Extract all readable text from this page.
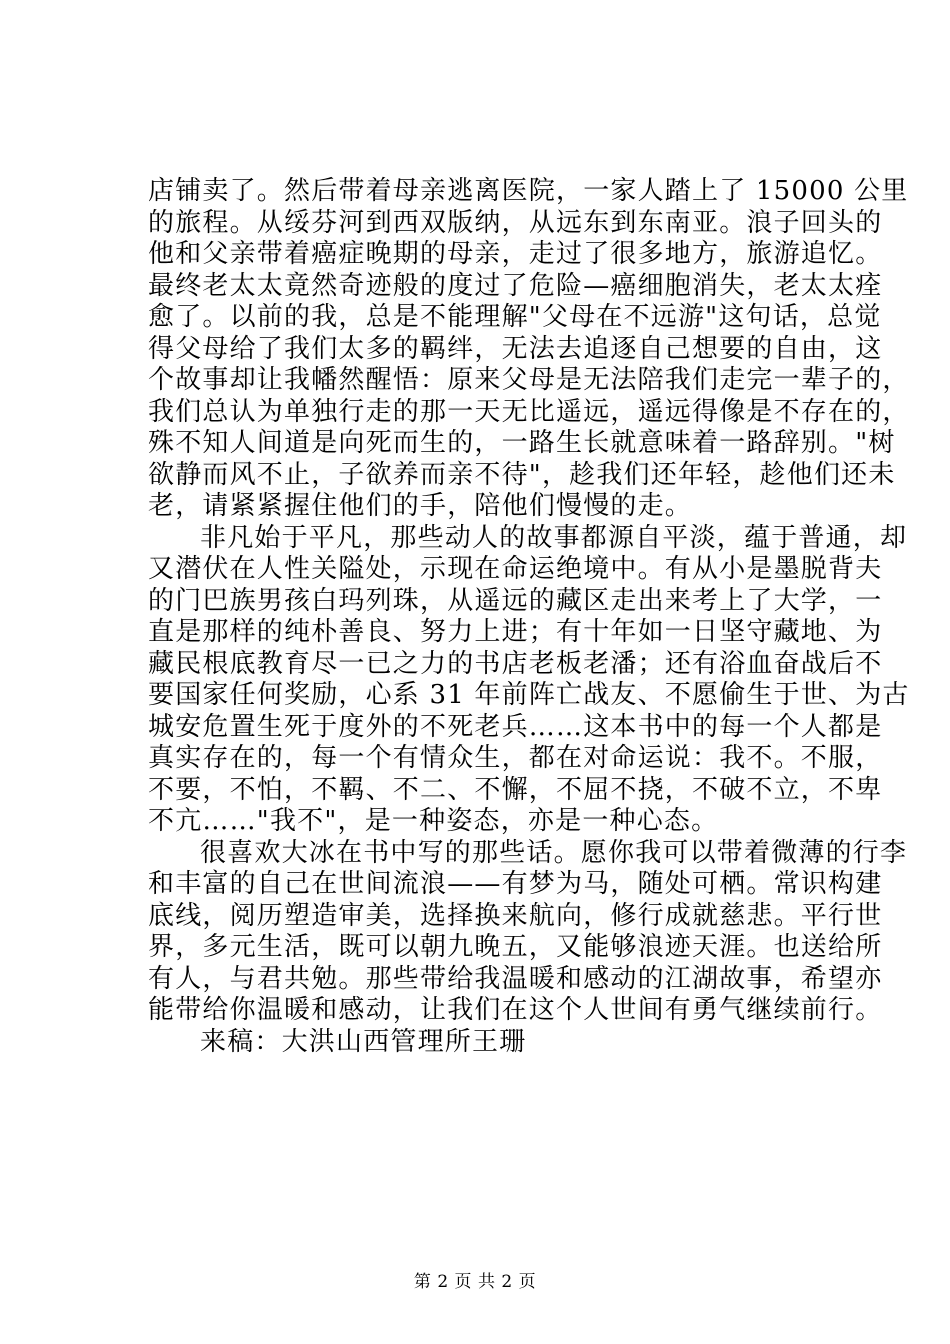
店铺卖了。然后带着母亲逃离医院，一家人踏上了 15000 公里
的旅程。从绥芬河到西双版纳，从远东到东南亚。浪子回头的
他和父亲带着癌症晚期的母亲，走过了很多地方，旅游追忆。
最终老太太竟然奇迹般的度过了危险—癌细胞消失，老太太痊
愈了。以前的我，总是不能理解"父母在不远游"这句话，总觉
得父母给了我们太多的羁绊，无法去追逐自己想要的自由，这
个故事却让我幡然醒悟：原来父母是无法陪我们走完一辈子的，
我们总认为单独行走的那一天无比遥远，遥远得像是不存在的，
殊不知人间道是向死而生的，一路生长就意味着一路辞别。"树
欲静而风不止，子欲养而亲不待"，趁我们还年轻，趁他们还未
老，请紧紧握住他们的手，陪他们慢慢的走。
非凡始于平凡，那些动人的故事都源自平淡，蕴于普通，却
又潜伏在人性关隘处，示现在命运绝境中。有从小是墨脱背夫
的门巴族男孩白玛列珠，从遥远的藏区走出来考上了大学，一
直是那样的纯朴善良、努力上进；有十年如一日坚守藏地、为
藏民根底教育尽一已之力的书店老板老潘；还有浴血奋战后不
要国家任何奖励，心系 31 年前阵亡战友、不愿偷生于世、为古
城安危置生死于度外的不死老兵……这本书中的每一个人都是
真实存在的，每一个有情众生，都在对命运说：我不。不服，
不要，不怕，不羁、不二、不懈，不屈不挠，不破不立，不卑
不亢……"我不"，是一种姿态，亦是一种心态。
很喜欢大冰在书中写的那些话。愿你我可以带着微薄的行李
和丰富的自己在世间流浪——有梦为马，随处可栖。常识构建
底线，阅历塑造审美，选择换来航向，修行成就慈悲。平行世
界，多元生活，既可以朝九晚五，又能够浪迹天涯。也送给所
有人，与君共勉。那些带给我温暖和感动的江湖故事，希望亦
能带给你温暖和感动，让我们在这个人世间有勇气继续前行。
来稿：大洪山西管理所王珊
第 2 页 共 2 页
